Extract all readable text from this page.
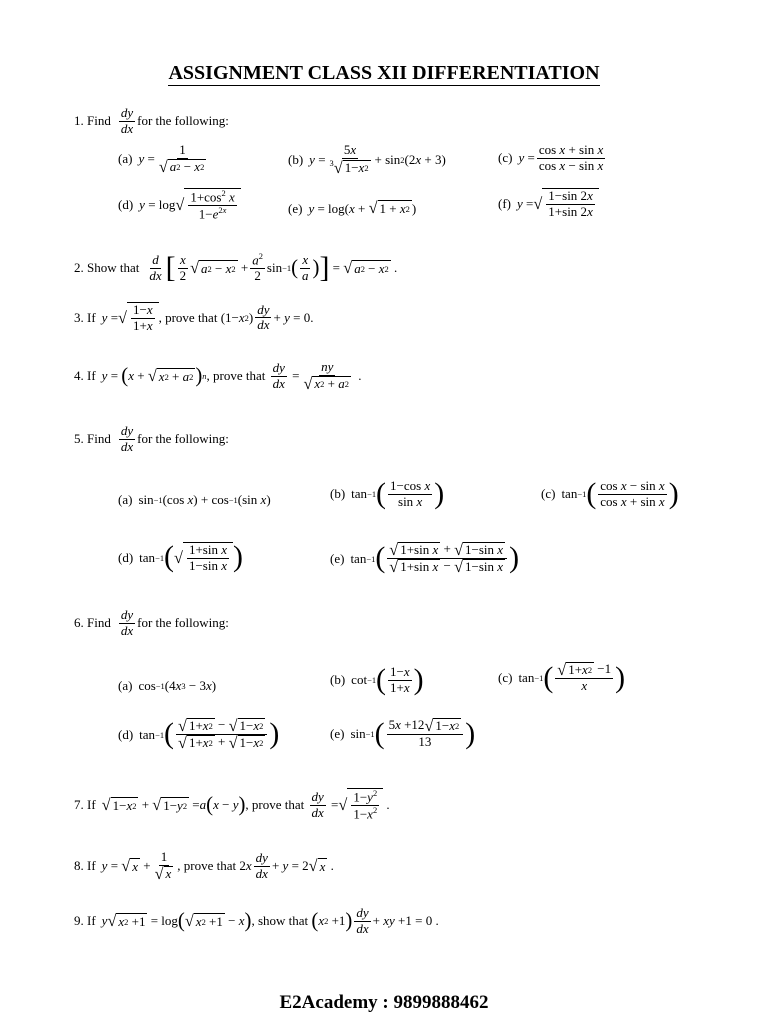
ASSIGNMENT CLASS XII DIFFERENTIATION
1. Find $\frac{dy}{dx}$ for the following:
(a) $y = \frac{1}{√ a 2 - x 2}$	(b) $y = \frac{5x}{^3 √ 1- x 2} + \sin 2$ (2 x + 3)	(c) $y = \frac{\text{cos x + sin x}}{\text{cos x − sin x}}$
(d) y = log √ $\frac{1+\cos^2 x}{1-e^{2x}}$	(e) y = log( x + √ 1 + x 2 )	(f) y = √ $\frac{1-\sin 2x}{1+\sin 2x}$
2. Show that $\frac{d}{dx}$ [ $\frac{x}{2}$ √ a 2 − x $2 + \frac{a^2}{2}$ sin −1 ( $\frac{x}{a}$ ) ] = √ a 2 − x 2 .
3. If y = √ $\frac{1-x}{1+x}$ , prove that (1− x 2 ) $\frac{dy}{dx} + y = 0$.
4. If y = ( x + √ x 2 + a 2 ) n , prove that
$\frac{dy}{dx} = \frac{ny}{√ x 2 + a 2}$ .
5. Find $\frac{dy}{dx}$ for the following:
(a) sin −1 (cos x ) + cos −1 (sin x )	(b) tan −1 ( $\frac{\text{1−cos x}}{\text{sin x}}$ )	(c) tan −1 ( $\frac{\text{cos x − sin x}}{\text{cos x + sin x}}$ )
(d) tan −1 ( √ $\frac{\text{1+sin x}}{\text{1−sin x}}$ )	(e) tan −1 ( $\frac{\text{√ 1+sin x + √ 1−sin x}}{\text{√ 1+sin x − √ 1−sin x}}$ )
6. Find $\frac{dy}{dx}$ for the following:
(a) cos −1 (4 x 3 − 3 x )	(b) cot −1 ( $\frac{1-x}{1+x}$ )	(c) tan −1 ( $\frac{√ 1+ x 2 -1}{x}$ )
(d) tan −1 ( $\frac{√ 1+ x 2 - √ 1- x 2}{√ 1+ x 2 + √ 1- x 2}$ )	(e) sin −1 ( $\frac{5x +12 √ 1- x 2}{13}$ )
7. If √ 1− x 2 + √ 1− y 2 = a ( x − y ) , prove that
$\frac{dy}{dx}$ = √ $\frac{1-y^2}{1-x^2}$ .
8. If y = √ $x + \frac{1}{√ x}$ , prove that 2 x $\frac{dy}{dx} + y = 2$ √ x .
9. If y √ x 2 +1 = log ( √ x 2 +1 − x ) , show that
( x 2 +1 ) $\frac{dy}{dx}$ + xy +1 = 0 .
E2Academy : 9899888462
